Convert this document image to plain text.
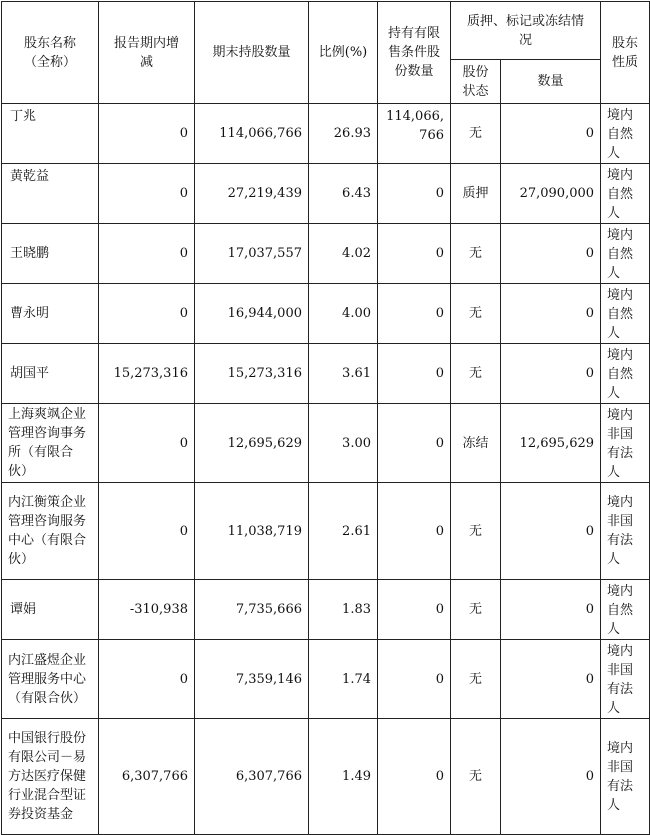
股东名称（全称）	报告期内增减	期末持股数量	比例(%)	持有有限售条件股份数量	质押、标记或冻结情况		股东性质
					股份状态	数量	
丁兆	0	114,066,766	26.93	114,066,766	无	0	境内自然人
黄乾益	0	27,219,439	6.43	0	质押	27,090,000	境内自然人
王晓鹏	0	17,037,557	4.02	0	无	0	境内自然人
曹永明	0	16,944,000	4.00	0	无	0	境内自然人
胡国平	15,273,316	15,273,316	3.61	0	无	0	境内自然人
上海爽飒企业管理咨询事务所（有限合伙）	0	12,695,629	3.00	0	冻结	12,695,629	境内非国有法人
内江衡策企业管理咨询服务中心（有限合伙）	0	11,038,719	2.61	0	无	0	境内非国有法人
谭娟	-310,938	7,735,666	1.83	0	无	0	境内自然人
内江盛煜企业管理服务中心（有限合伙）	0	7,359,146	1.74	0	无	0	境内非国有法人
中国银行股份有限公司－易方达医疗保健行业混合型证券投资基金	6,307,766	6,307,766	1.49	0	无	0	境内非国有法人
